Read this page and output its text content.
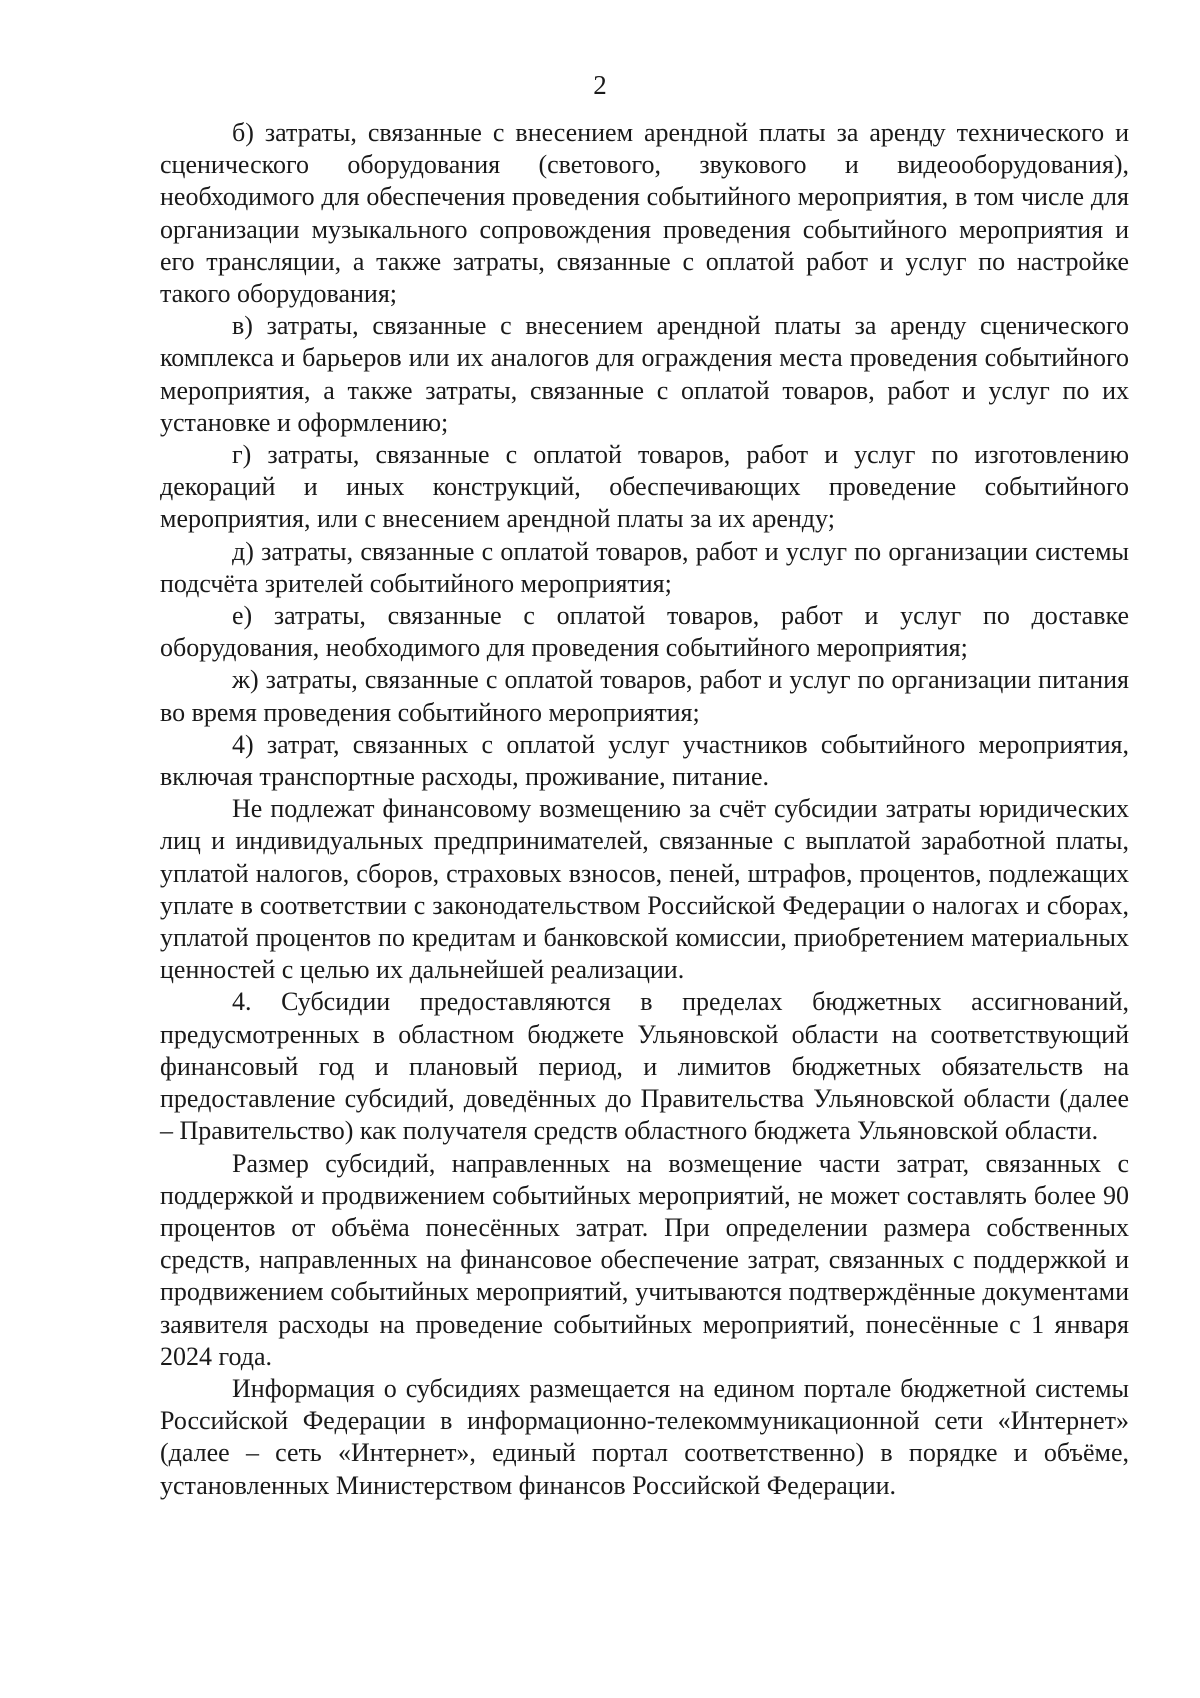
2

б) затраты, связанные с внесением арендной платы за аренду технического и сценического оборудования (светового, звукового и видеооборудования), необходимого для обеспечения проведения событийного мероприятия, в том числе для организации музыкального сопровождения проведения событийного мероприятия и его трансляции, а также затраты, связанные с оплатой работ и услуг по настройке такого оборудования;

в) затраты, связанные с внесением арендной платы за аренду сценического комплекса и барьеров или их аналогов для ограждения места проведения событийного мероприятия, а также затраты, связанные с оплатой товаров, работ и услуг по их установке и оформлению;

г) затраты, связанные с оплатой товаров, работ и услуг по изготовлению декораций и иных конструкций, обеспечивающих проведение событийного мероприятия, или с внесением арендной платы за их аренду;

д) затраты, связанные с оплатой товаров, работ и услуг по организации системы подсчёта зрителей событийного мероприятия;

е) затраты, связанные с оплатой товаров, работ и услуг по доставке оборудования, необходимого для проведения событийного мероприятия;

ж) затраты, связанные с оплатой товаров, работ и услуг по организации питания во время проведения событийного мероприятия;

4) затрат, связанных с оплатой услуг участников событийного мероприятия, включая транспортные расходы, проживание, питание.

Не подлежат финансовому возмещению за счёт субсидии затраты юридических лиц и индивидуальных предпринимателей, связанные с выплатой заработной платы, уплатой налогов, сборов, страховых взносов, пеней, штрафов, процентов, подлежащих уплате в соответствии с законодательством Российской Федерации о налогах и сборах, уплатой процентов по кредитам и банковской комиссии, приобретением материальных ценностей с целью их дальнейшей реализации.

4. Субсидии предоставляются в пределах бюджетных ассигнований, предусмотренных в областном бюджете Ульяновской области на соответствующий финансовый год и плановый период, и лимитов бюджетных обязательств на предоставление субсидий, доведённых до Правительства Ульяновской области (далее – Правительство) как получателя средств областного бюджета Ульяновской области.

Размер субсидий, направленных на возмещение части затрат, связанных с поддержкой и продвижением событийных мероприятий, не может составлять более 90 процентов от объёма понесённых затрат. При определении размера собственных средств, направленных на финансовое обеспечение затрат, связанных с поддержкой и продвижением событийных мероприятий, учитываются подтверждённые документами заявителя расходы на проведение событийных мероприятий, понесённые с 1 января 2024 года.

Информация о субсидиях размещается на едином портале бюджетной системы Российской Федерации в информационно-телекоммуникационной сети «Интернет» (далее – сеть «Интернет», единый портал соответственно) в порядке и объёме, установленных Министерством финансов Российской Федерации.
